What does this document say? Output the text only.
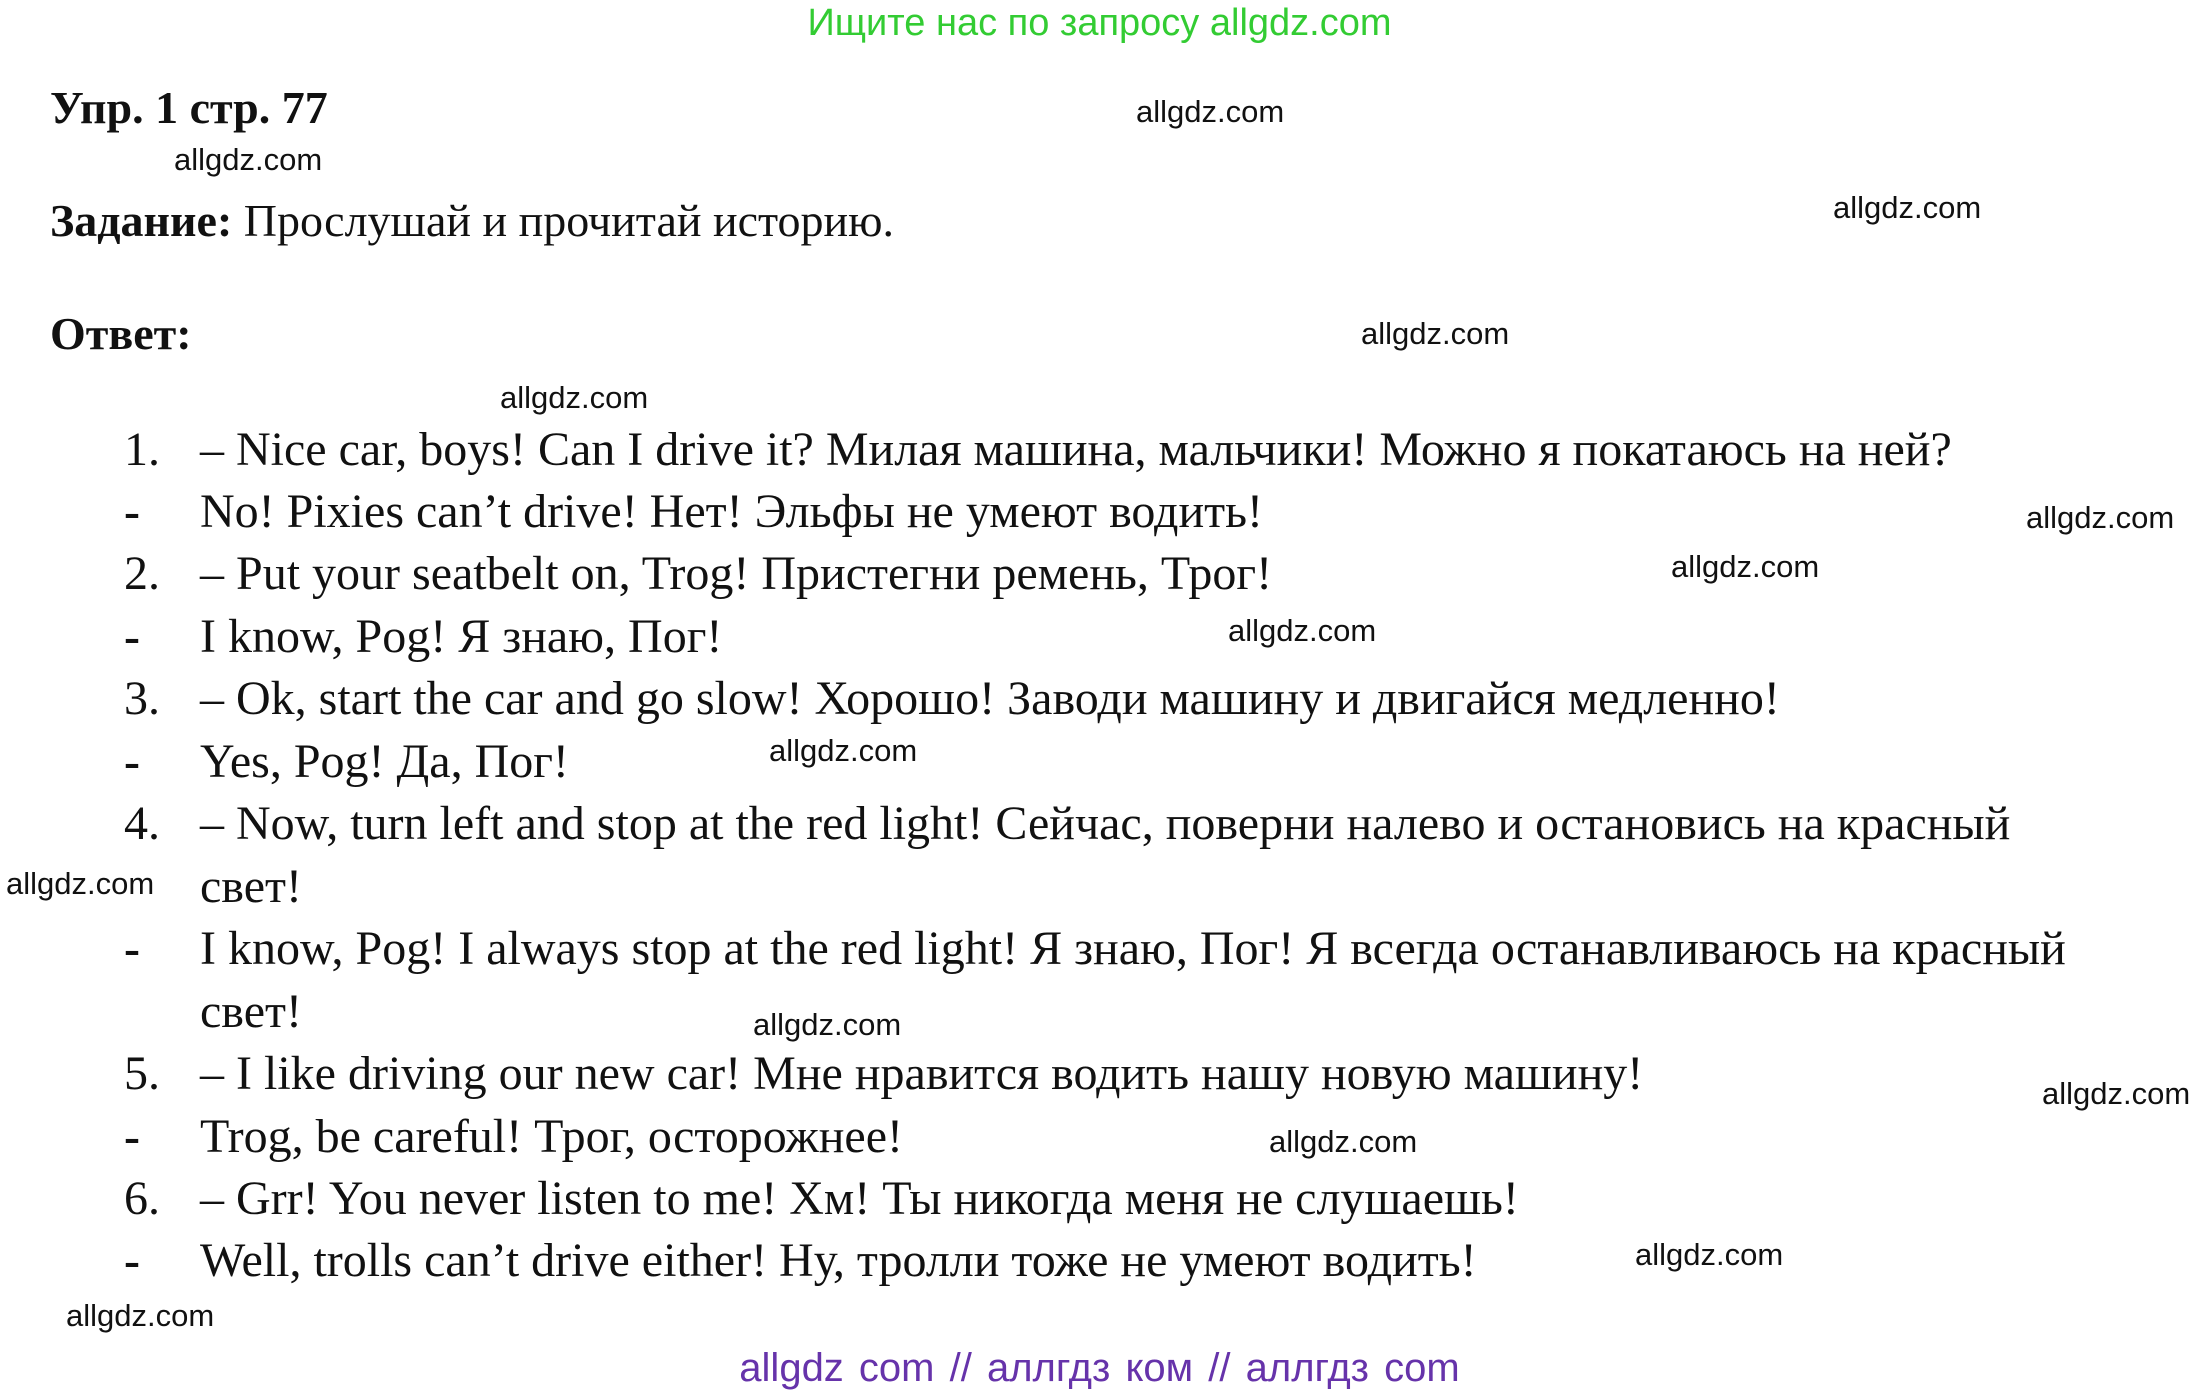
Ищите нас по запросу allgdz.com
Упр. 1 стр. 77
Задание: Прослушай и прочитай историю.
Ответ:
1. – Nice car, boys! Can I drive it? Милая машина, мальчики! Можно я покатаюсь на ней?
-	No! Pixies can’t drive! Нет! Эльфы не умеют водить!
2. – Put your seatbelt on, Trog! Пристегни ремень, Трог!
-	I know, Pog! Я знаю, Пог!
3. – Ok, start the car and go slow! Хорошо! Заводи машину и двигайся медленно!
-	Yes, Pog! Да, Пог!
4. – Now, turn left and stop at the red light! Сейчас, поверни налево и остановись на красный
свет!
-	I know, Pog! I always stop at the red light! Я знаю, Пог! Я всегда останавливаюсь на красный
свет!
5. – I like driving our new car! Мне нравится водить нашу новую машину!
-	Trog, be careful! Трог, осторожнее!
6. – Grr! You never listen to me! Хм! Ты никогда меня не слушаешь!
-	Well, trolls can’t drive either! Ну, тролли тоже не умеют водить!
allgdz.com
allgdz.com
allgdz.com
allgdz.com
allgdz.com
allgdz.com
allgdz.com
allgdz.com
allgdz.com
allgdz.com
allgdz.com
allgdz.com
allgdz.com
allgdz.com
allgdz.com
allgdz com // аллгдз ком // аллгдз com
